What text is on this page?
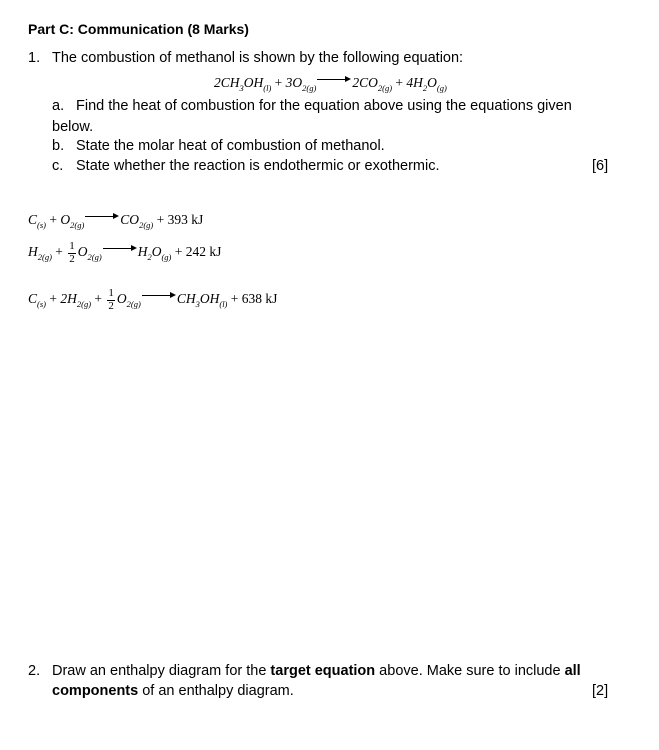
Part C: Communication (8 Marks)
1. The combustion of methanol is shown by the following equation:
$2CH_3OH_{(l)} + 3O_{2(g)}$	$2CO_{2(g)} + 4H_2O_{(g)}$
a. Find the heat of combustion for the equation above using the equations given
below.
b. State the molar heat of combustion of methanol.
c. State whether the reaction is endothermic or exothermic.	[6]
$C_{(s)} + O_{2(g)}$	$CO_{2(g)} + 393$ kJ
$H_{2(g)} + \frac{1}{2} O_{2(g)}$	$H_2O_{(g)} + 242$ kJ
$C_{(s)} + 2H_{2(g)} + \frac{1}{2} O_{2(g)}$	$CH_3OH_{(l)} + 638$ kJ
2. Draw an enthalpy diagram for the target equation above. Make sure to include all
components of an enthalpy diagram.	[2]
